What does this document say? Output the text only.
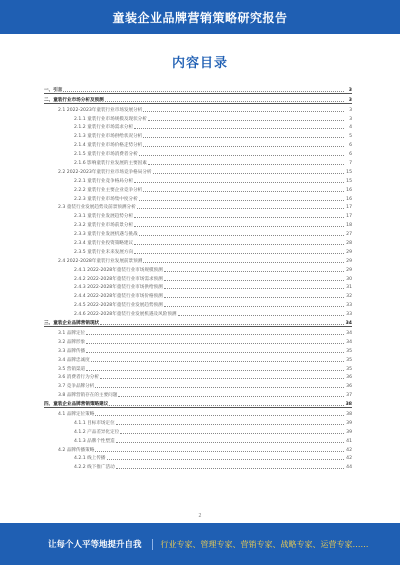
童装企业品牌营销策略研究报告
内容目录
一、引言	3
二、童装行业市场分析及预测	3
2.1 2022-2023年童装行业市场发展分析	3
2.1.1 童装行业市场规模及现状分析	3
2.1.2 童装行业市场需求分析	4
2.1.3 童装行业市场供给状况分析	5
2.1.4 童装行业市场价格走势分析	6
2.1.5 童装行业市场消费者分析	6
2.1.6 影响童装行业发展的主要因素	7
2.2 2022-2023年童装行业市场竞争格局分析	15
2.2.1 童装行业竞争格局分析	15
2.2.2 童装行业主要企业竞争分析	16
2.2.3 童装行业市场集中度分析	16
2.3 童装行业发展趋势及前景预测分析	17
2.3.1 童装行业发展趋势分析	17
2.3.2 童装行业市场前景分析	18
2.3.3 童装行业发展机遇与挑战	27
2.3.4 童装行业投资策略建议	28
2.3.5 童装行业未来发展方向	29
2.4 2022-2028年童装行业发展前景预测	29
2.4.1 2022-2028年童装行业市场规模预测	29
2.4.2 2022-2028年童装行业市场需求预测	30
2.4.3 2022-2028年童装行业市场供给预测	31
2.4.4 2022-2028年童装行业市场价格预测	32
2.4.5 2022-2028年童装行业发展趋势预测	33
2.4.6 2022-2028年童装行业发展机遇及风险预测	33
三、童装企业品牌营销现状	34
3.1 品牌定位	34
3.2 品牌形象	34
3.3 品牌传播	35
3.4 品牌忠诚度	35
3.5 营销渠道	35
3.6 消费者行为分析	36
3.7 竞争品牌分析	36
3.8 品牌营销存在的主要问题	37
四、童装企业品牌营销策略建议	38
4.1 品牌定位策略	38
4.1.1 目标市场定位	39
4.1.2 产品差异化定位	39
4.1.3 品牌个性塑造	41
4.2 品牌传播策略	42
4.2.1 线上传播	42
4.2.2 线下推广活动	44
2
让每个人平等地提升自我	行业专家、管理专家、营销专家、战略专家、运营专家……
